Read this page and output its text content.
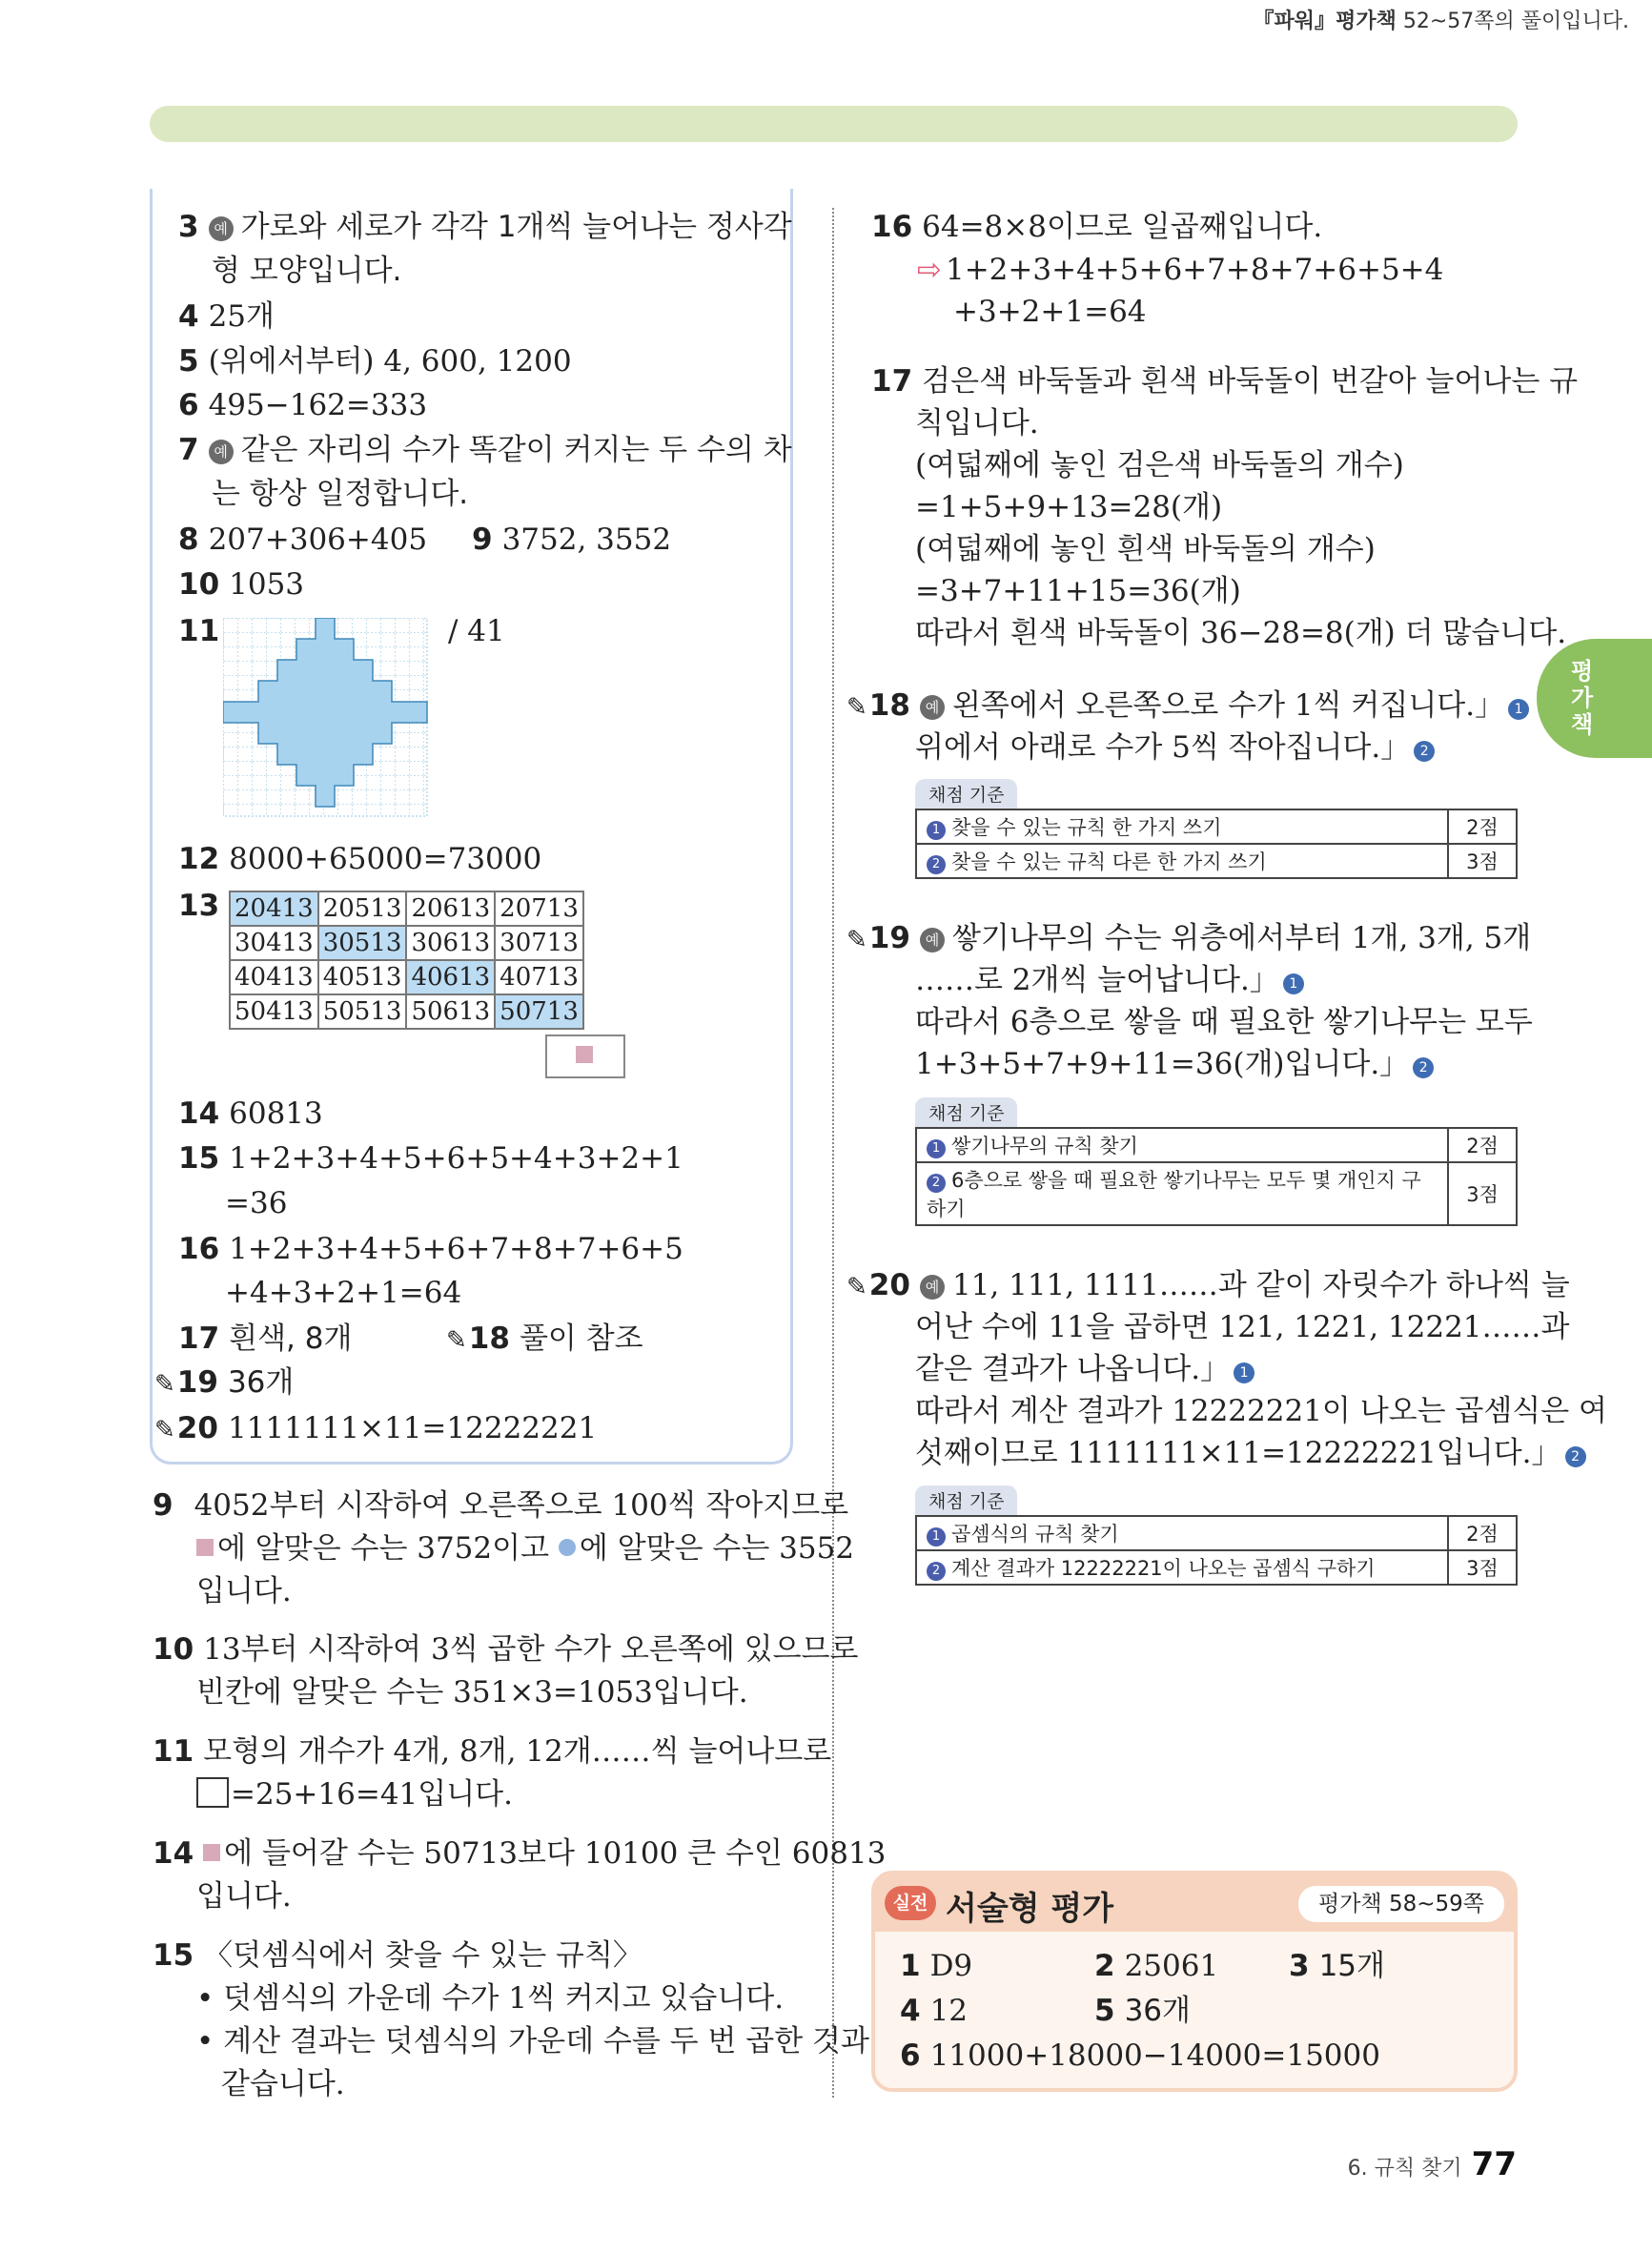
『파워』평가책 52~57쪽의 풀이입니다.
3 예 가로와 세로가 각각 1개씩 늘어나는 정사각
형 모양입니다.
4 25개
5 (위에서부터) 4, 600, 1200
6 495−162=333
7 예 같은 자리의 수가 똑같이 커지는 두 수의 차
는 항상 일정합니다.
8 207+306+405 9 3752, 3552
10 1053
11	/ 41
12 8000+65000=73000
13 20413	20513	20613	20713
30413	30513	30613	30713
40413	40513	40613	40713
50413	50513	50613	50713
14 60813
15 1+2+3+4+5+6+5+4+3+2+1
=36
16 1+2+3+4+5+6+7+8+7+6+5
+4+3+2+1=64
17 흰색, 8개	✎18 풀이 참조
✎19 36개
✎20 1111111×11=12222221
9 4052부터 시작하여 오른쪽으로 100씩 작아지므로
에 알맞은 수는 3752이고 에 알맞은 수는 3552
입니다.
10 13부터 시작하여 3씩 곱한 수가 오른쪽에 있으므로
빈칸에 알맞은 수는 351×3=1053입니다.
11 모형의 개수가 4개, 8개, 12개……씩 늘어나므로
=25+16=41입니다.
14 에 들어갈 수는 50713보다 10100 큰 수인 60813
입니다.
15 〈덧셈식에서 찾을 수 있는 규칙〉
• 덧셈식의 가운데 수가 1씩 커지고 있습니다.
• 계산 결과는 덧셈식의 가운데 수를 두 번 곱한 것과
같습니다.
16 64=8×8이므로 일곱째입니다.
⇨ 1+2+3+4+5+6+7+8+7+6+5+4
+3+2+1=64
17 검은색 바둑돌과 흰색 바둑돌이 번갈아 늘어나는 규
칙입니다.
(여덟째에 놓인 검은색 바둑돌의 개수)
=1+5+9+13=28(개)
(여덟째에 놓인 흰색 바둑돌의 개수)
=3+7+11+15=36(개)
따라서 흰색 바둑돌이 36−28=8(개) 더 많습니다.
✎18 예 왼쪽에서 오른쪽으로 수가 1씩 커집니다.」 1
위에서 아래로 수가 5씩 작아집니다.」 2
채점 기준
1 찾을 수 있는 규칙 한 가지 쓰기	2점
2 찾을 수 있는 규칙 다른 한 가지 쓰기	3점
✎19 예 쌓기나무의 수는 위층에서부터 1개, 3개, 5개
……로 2개씩 늘어납니다.」 1
따라서 6층으로 쌓을 때 필요한 쌓기나무는 모두
1+3+5+7+9+11=36(개)입니다.」 2
채점 기준
1 쌓기나무의 규칙 찾기	2점
2 6층으로 쌓을 때 필요한 쌓기나무는 모두 몇 개인지 구하기	3점
✎20 예 11, 111, 1111……과 같이 자릿수가 하나씩 늘
어난 수에 11을 곱하면 121, 1221, 12221……과
같은 결과가 나옵니다.」 1
따라서 계산 결과가 12222221이 나오는 곱셈식은 여
섯째이므로 1111111×11=12222221입니다.」 2
채점 기준
1 곱셈식의 규칙 찾기	2점
2 계산 결과가 12222221이 나오는 곱셈식 구하기	3점
평가책
실전 서술형 평가	평가책 58~59쪽
1 D9	2 25061 3 15개
4 12	5 36개
6 11000+18000−14000=15000
6. 규칙 찾기 77
